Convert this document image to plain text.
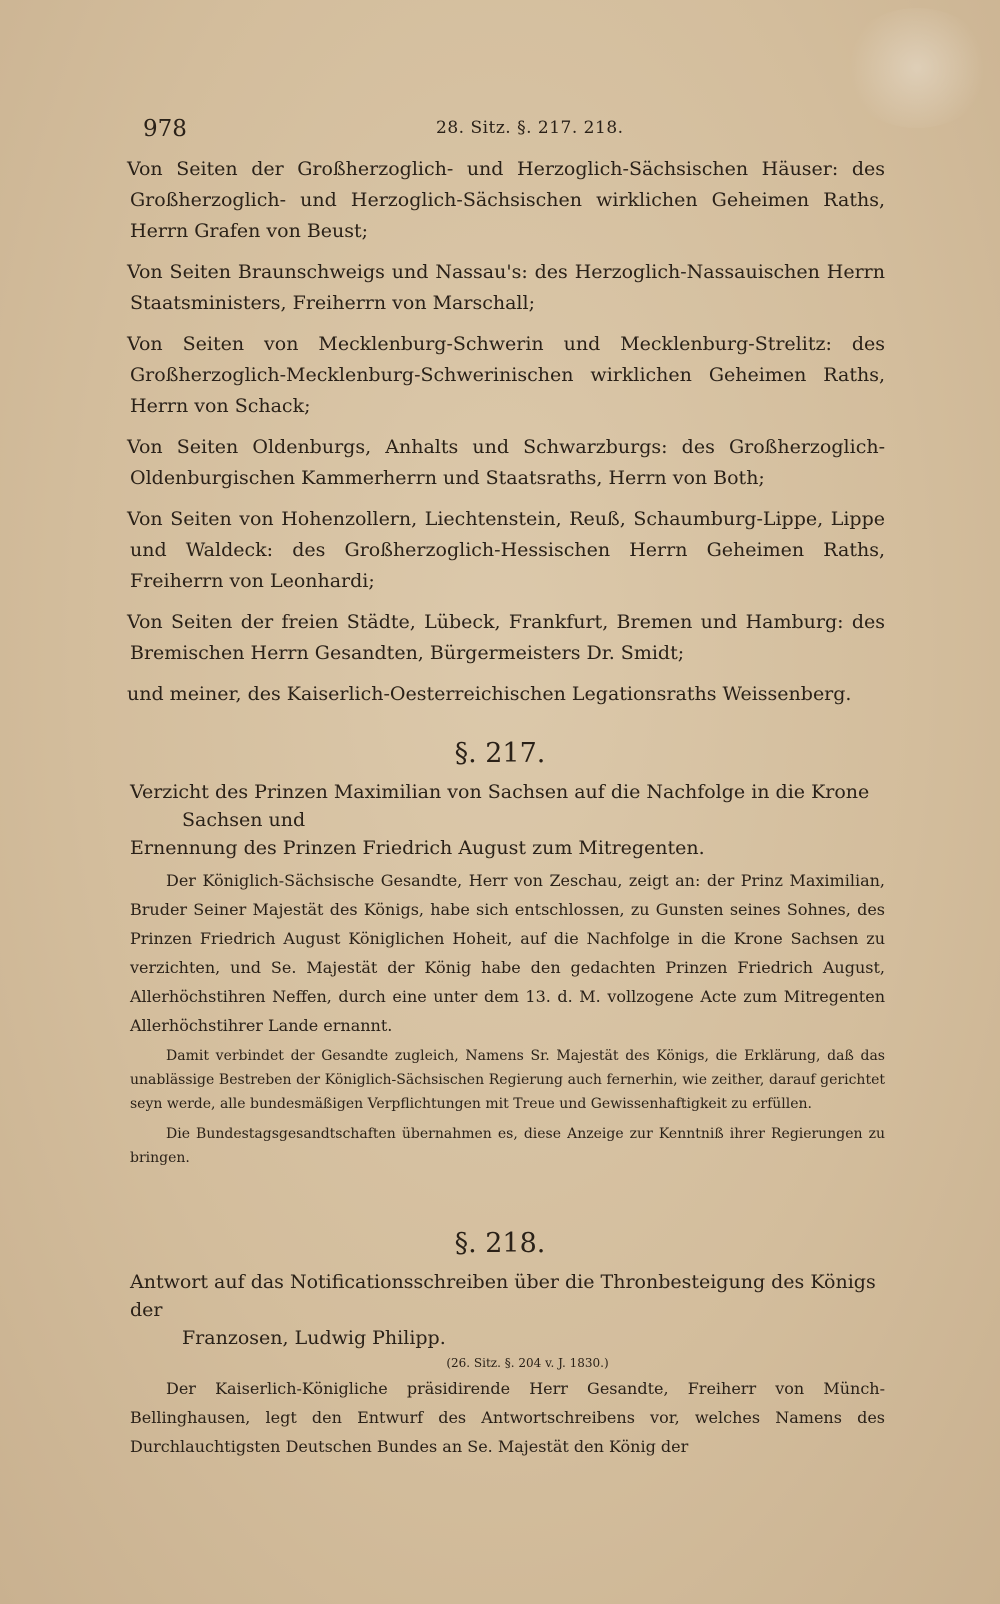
978	28. Sitz. §. 217. 218.

Von Seiten der Großherzoglich- und Herzoglich-Sächsischen Häuser: des Großherzoglich- und Herzoglich-Sächsischen wirklichen Geheimen Raths, Herrn Grafen von Beust;

Von Seiten Braunschweigs und Nassau's: des Herzoglich-Nassauischen Herrn Staatsministers, Freiherrn von Marschall;

Von Seiten von Mecklenburg-Schwerin und Mecklenburg-Strelitz: des Großherzoglich-Mecklenburg-Schwerinischen wirklichen Geheimen Raths, Herrn von Schack;

Von Seiten Oldenburgs, Anhalts und Schwarzburgs: des Großherzoglich-Oldenburgischen Kammerherrn und Staatsraths, Herrn von Both;

Von Seiten von Hohenzollern, Liechtenstein, Reuß, Schaumburg-Lippe, Lippe und Waldeck: des Großherzoglich-Hessischen Herrn Geheimen Raths, Freiherrn von Leonhardi;

Von Seiten der freien Städte, Lübeck, Frankfurt, Bremen und Hamburg: des Bremischen Herrn Gesandten, Bürgermeisters Dr. Smidt;

und meiner, des Kaiserlich-Oesterreichischen Legationsraths Weissenberg.

§. 217.

Verzicht des Prinzen Maximilian von Sachsen auf die Nachfolge in die Krone
Sachsen und
Ernennung des Prinzen Friedrich August zum Mitregenten.

Der Königlich-Sächsische Gesandte, Herr von Zeschau, zeigt an: der Prinz Maximilian, Bruder Seiner Majestät des Königs, habe sich entschlossen, zu Gunsten seines Sohnes, des Prinzen Friedrich August Königlichen Hoheit, auf die Nachfolge in die Krone Sachsen zu verzichten, und Se. Majestät der König habe den gedachten Prinzen Friedrich August, Allerhöchstihren Neffen, durch eine unter dem 13. d. M. vollzogene Acte zum Mitregenten Allerhöchstihrer Lande ernannt.

Damit verbindet der Gesandte zugleich, Namens Sr. Majestät des Königs, die Erklärung, daß das unablässige Bestreben der Königlich-Sächsischen Regierung auch fernerhin, wie zeither, darauf gerichtet seyn werde, alle bundesmäßigen Verpflichtungen mit Treue und Gewissenhaftigkeit zu erfüllen.

Die Bundestagsgesandtschaften übernahmen es, diese Anzeige zur Kenntniß ihrer Regierungen zu bringen.

§. 218.

Antwort auf das Notificationsschreiben über die Thronbesteigung des Königs der
Franzosen, Ludwig Philipp.

(26. Sitz. §. 204 v. J. 1830.)

Der Kaiserlich-Königliche präsidirende Herr Gesandte, Freiherr von Münch-Bellinghausen, legt den Entwurf des Antwortschreibens vor, welches Namens des Durchlauchtigsten Deutschen Bundes an Se. Majestät den König der
